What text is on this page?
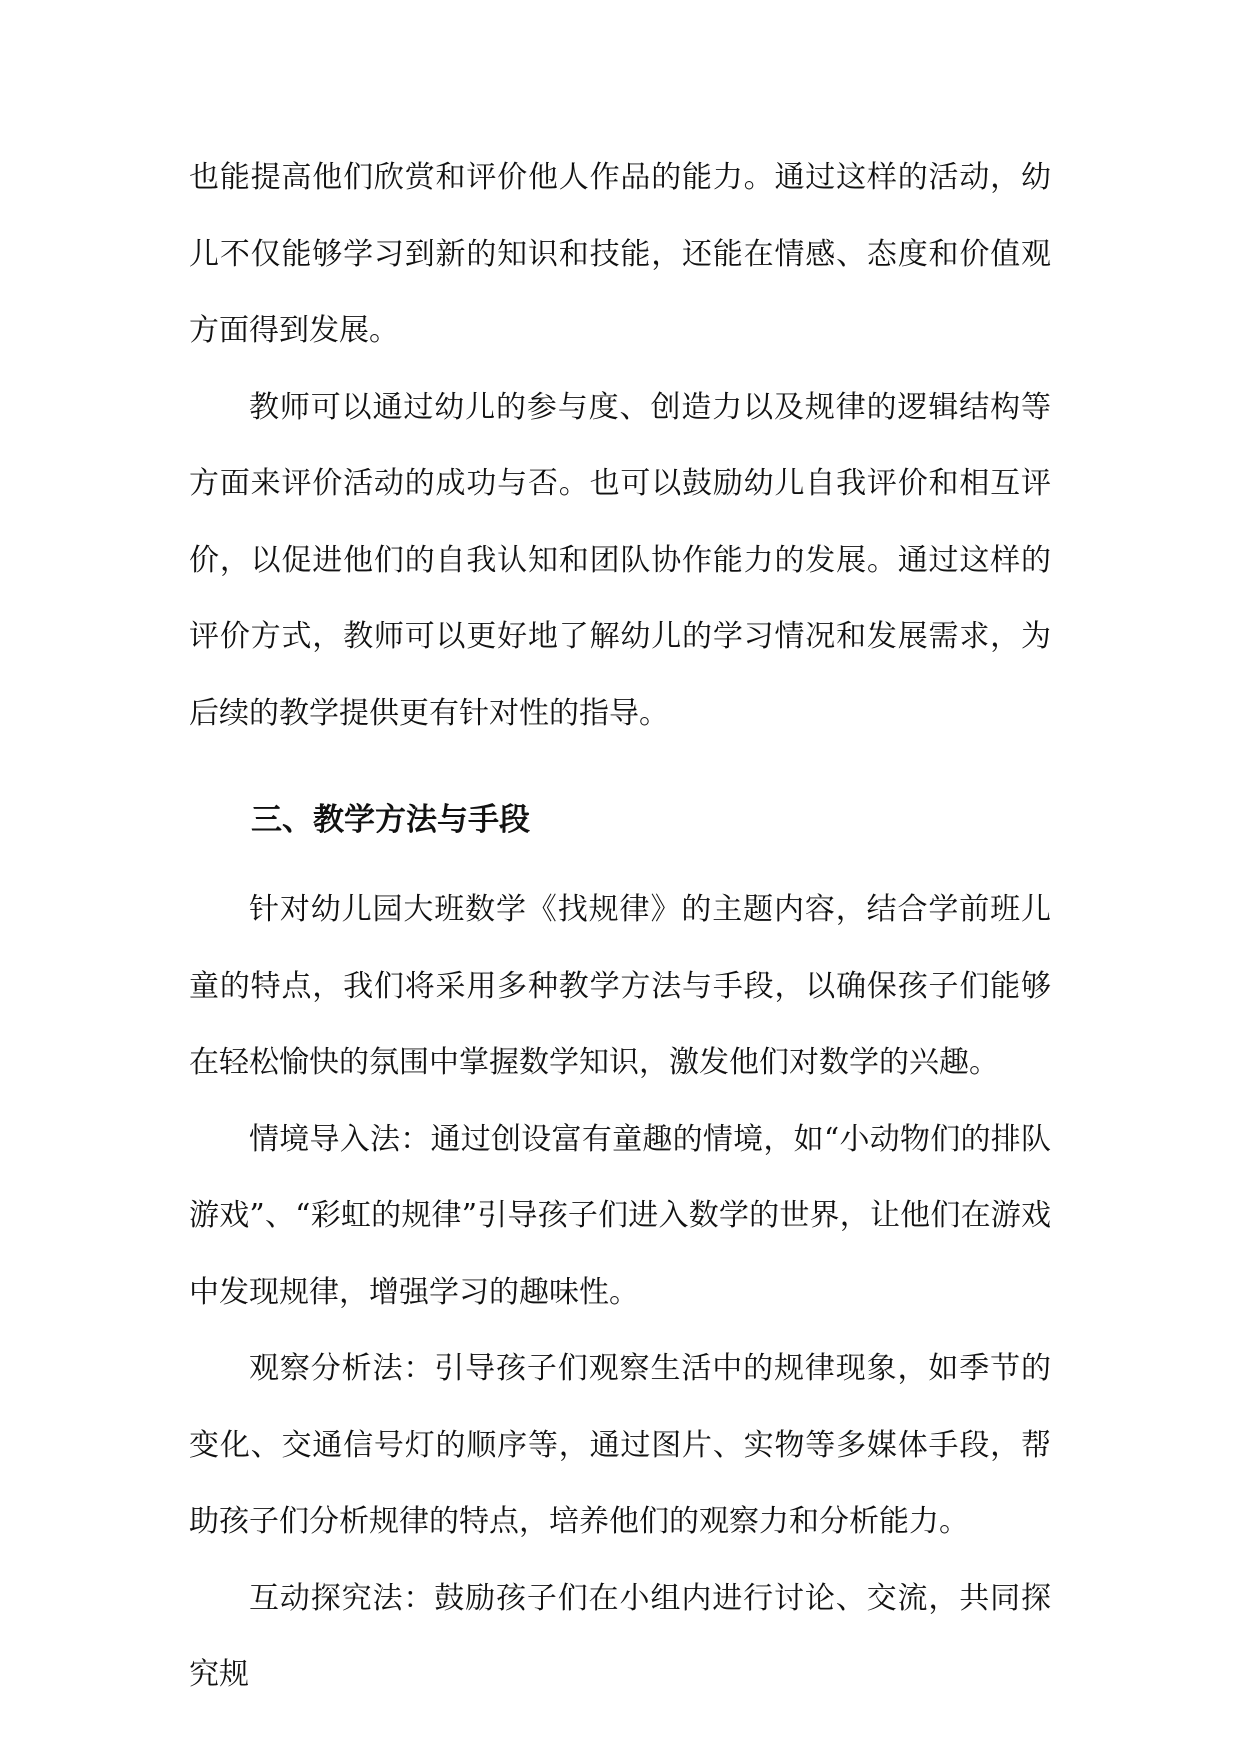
也能提高他们欣赏和评价他人作品的能力。通过这样的活动，幼儿不仅能够学习到新的知识和技能，还能在情感、态度和价值观方面得到发展。

教师可以通过幼儿的参与度、创造力以及规律的逻辑结构等方面来评价活动的成功与否。也可以鼓励幼儿自我评价和相互评价，以促进他们的自我认知和团队协作能力的发展。通过这样的评价方式，教师可以更好地了解幼儿的学习情况和发展需求，为后续的教学提供更有针对性的指导。

三、教学方法与手段

针对幼儿园大班数学《找规律》的主题内容，结合学前班儿童的特点，我们将采用多种教学方法与手段，以确保孩子们能够在轻松愉快的氛围中掌握数学知识，激发他们对数学的兴趣。

情境导入法：通过创设富有童趣的情境，如“小动物们的排队游戏”、“彩虹的规律”引导孩子们进入数学的世界，让他们在游戏中发现规律，增强学习的趣味性。

观察分析法：引导孩子们观察生活中的规律现象，如季节的变化、交通信号灯的顺序等，通过图片、实物等多媒体手段，帮助孩子们分析规律的特点，培养他们的观察力和分析能力。

互动探究法：鼓励孩子们在小组内进行讨论、交流，共同探究规
